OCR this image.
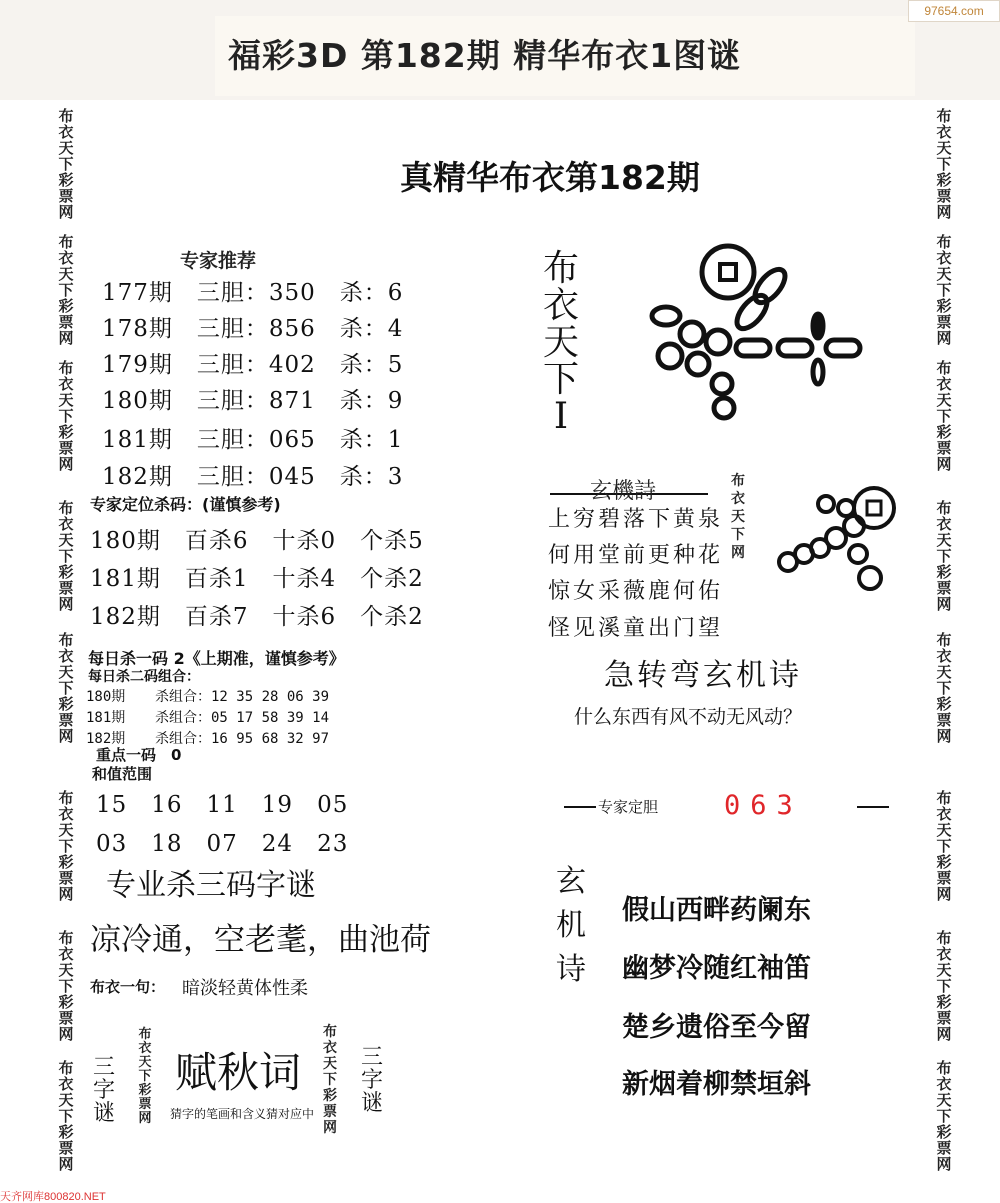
97654.com
福彩3D 第182期 精华布衣1图谜
布衣天下彩票网
布衣天下彩票网
布衣天下彩票网
布衣天下彩票网
布衣天下彩票网
布衣天下彩票网
布衣天下彩票网
布衣天下彩票网
布衣天下彩票网
布衣天下彩票网
布衣天下彩票网
布衣天下彩票网
布衣天下彩票网
布衣天下彩票网
布衣天下彩票网
布衣天下彩票网
真精华布衣第182期
专家推荐
177期　三胆：350　杀：6
178期　三胆：856　杀：4
179期　三胆：402　杀：5
180期　三胆：871　杀：9
181期　三胆：065　杀：1
182期　三胆：045　杀：3
专家定位杀码：(谨慎参考)
180期　百杀6　十杀0　个杀5
181期　百杀1　十杀4　个杀2
182期　百杀7　十杀6　个杀2
每日杀一码 2《上期准，谨慎参考》
每日杀二码组合：
180期 杀组合：12 35 28 06 39
181期 杀组合：05 17 58 39 14
182期 杀组合：16 95 68 32 97
重点一码　0
和值范围
15　16　11　19　05
03　18　07　24　23
专业杀三码字谜
凉冷通，空老耄，曲池荷
布衣一句： 暗淡轻黄体性柔
三字谜
布衣天下彩票网
赋秋词
猜字的笔画和含义猜对应中
布衣天下彩票网
三字谜
布衣天下I
玄機詩
上穷碧落下黄泉
何用堂前更种花
惊女采薇鹿何佑
怪见溪童出门望
布衣天下网
急转弯玄机诗
什么东西有风不动无风动？
专家定胆 063
玄机诗
假山西畔药阑东
幽梦冷随红袖笛
楚乡遗俗至今留
新烟着柳禁垣斜
天齐网库800820.NET
